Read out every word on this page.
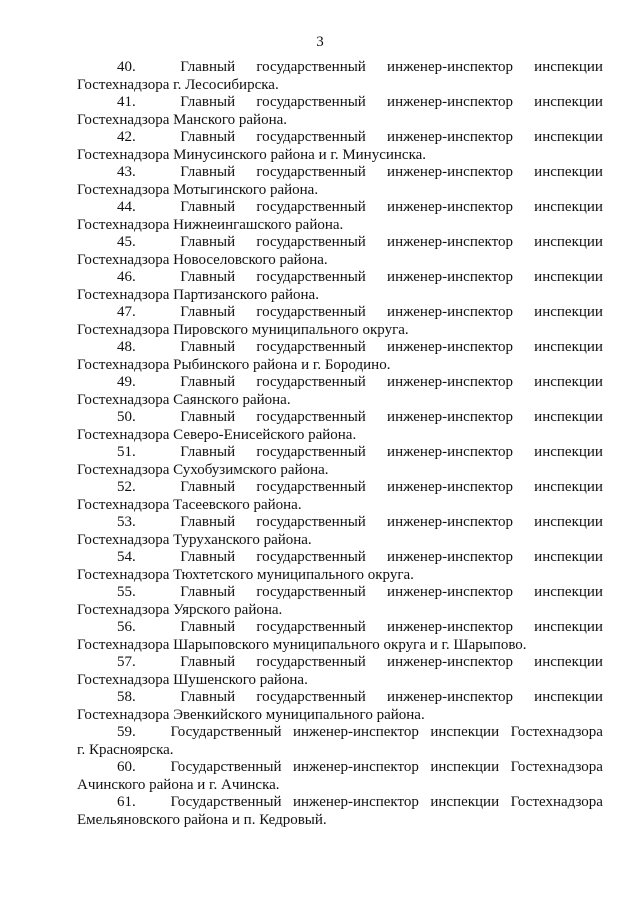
3
40.	Главный государственный инженер-инспектор инспекции
Гостехнадзора г. Лесосибирска.
41.	Главный государственный инженер-инспектор инспекции
Гостехнадзора Манского района.
42.	Главный государственный инженер-инспектор инспекции
Гостехнадзора Минусинского района и г. Минусинска.
43.	Главный государственный инженер-инспектор инспекции
Гостехнадзора Мотыгинского района.
44.	Главный государственный инженер-инспектор инспекции
Гостехнадзора Нижнеингашского района.
45.	Главный государственный инженер-инспектор инспекции
Гостехнадзора Новоселовского района.
46.	Главный государственный инженер-инспектор инспекции
Гостехнадзора Партизанского района.
47.	Главный государственный инженер-инспектор инспекции
Гостехнадзора Пировского муниципального округа.
48.	Главный государственный инженер-инспектор инспекции
Гостехнадзора Рыбинского района и г. Бородино.
49.	Главный государственный инженер-инспектор инспекции
Гостехнадзора Саянского района.
50.	Главный государственный инженер-инспектор инспекции
Гостехнадзора Северо-Енисейского района.
51.	Главный государственный инженер-инспектор инспекции
Гостехнадзора Сухобузимского района.
52.	Главный государственный инженер-инспектор инспекции
Гостехнадзора Тасеевского района.
53.	Главный государственный инженер-инспектор инспекции
Гостехнадзора Туруханского района.
54.	Главный государственный инженер-инспектор инспекции
Гостехнадзора Тюхтетского муниципального округа.
55.	Главный государственный инженер-инспектор инспекции
Гостехнадзора Уярского района.
56.	Главный государственный инженер-инспектор инспекции
Гостехнадзора Шарыповского муниципального округа и г. Шарыпово.
57.	Главный государственный инженер-инспектор инспекции
Гостехнадзора Шушенского района.
58.	Главный государственный инженер-инспектор инспекции
Гостехнадзора Эвенкийского муниципального района.
59.	Государственный инженер-инспектор инспекции Гостехнадзора
г. Красноярска.
60.	Государственный инженер-инспектор инспекции Гостехнадзора
Ачинского района и г. Ачинска.
61.	Государственный инженер-инспектор инспекции Гостехнадзора
Емельяновского района и п. Кедровый.
